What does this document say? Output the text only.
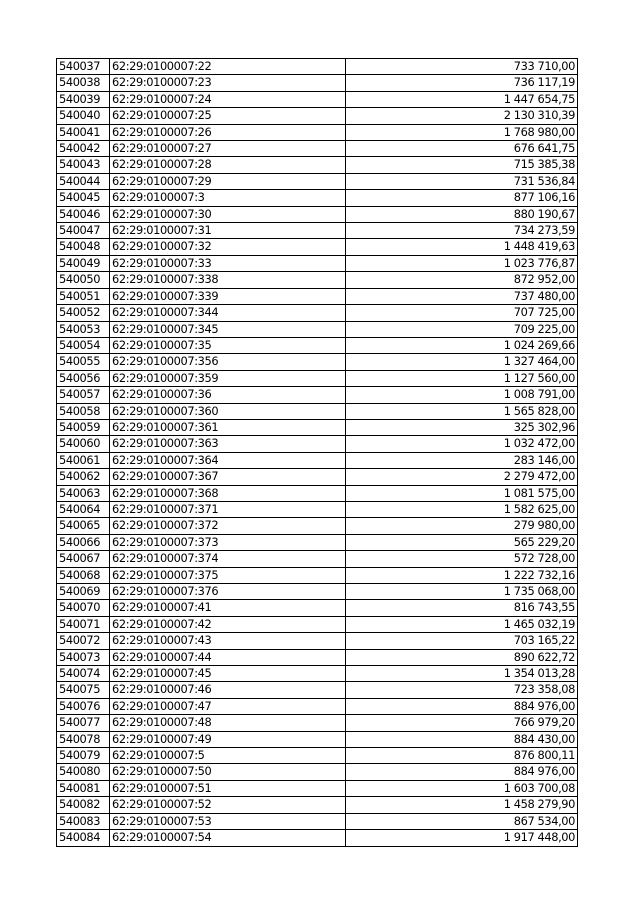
540037	62:29:0100007:22	733 710,00
540038	62:29:0100007:23	736 117,19
540039	62:29:0100007:24	1 447 654,75
540040	62:29:0100007:25	2 130 310,39
540041	62:29:0100007:26	1 768 980,00
540042	62:29:0100007:27	676 641,75
540043	62:29:0100007:28	715 385,38
540044	62:29:0100007:29	731 536,84
540045	62:29:0100007:3	877 106,16
540046	62:29:0100007:30	880 190,67
540047	62:29:0100007:31	734 273,59
540048	62:29:0100007:32	1 448 419,63
540049	62:29:0100007:33	1 023 776,87
540050	62:29:0100007:338	872 952,00
540051	62:29:0100007:339	737 480,00
540052	62:29:0100007:344	707 725,00
540053	62:29:0100007:345	709 225,00
540054	62:29:0100007:35	1 024 269,66
540055	62:29:0100007:356	1 327 464,00
540056	62:29:0100007:359	1 127 560,00
540057	62:29:0100007:36	1 008 791,00
540058	62:29:0100007:360	1 565 828,00
540059	62:29:0100007:361	325 302,96
540060	62:29:0100007:363	1 032 472,00
540061	62:29:0100007:364	283 146,00
540062	62:29:0100007:367	2 279 472,00
540063	62:29:0100007:368	1 081 575,00
540064	62:29:0100007:371	1 582 625,00
540065	62:29:0100007:372	279 980,00
540066	62:29:0100007:373	565 229,20
540067	62:29:0100007:374	572 728,00
540068	62:29:0100007:375	1 222 732,16
540069	62:29:0100007:376	1 735 068,00
540070	62:29:0100007:41	816 743,55
540071	62:29:0100007:42	1 465 032,19
540072	62:29:0100007:43	703 165,22
540073	62:29:0100007:44	890 622,72
540074	62:29:0100007:45	1 354 013,28
540075	62:29:0100007:46	723 358,08
540076	62:29:0100007:47	884 976,00
540077	62:29:0100007:48	766 979,20
540078	62:29:0100007:49	884 430,00
540079	62:29:0100007:5	876 800,11
540080	62:29:0100007:50	884 976,00
540081	62:29:0100007:51	1 603 700,08
540082	62:29:0100007:52	1 458 279,90
540083	62:29:0100007:53	867 534,00
540084	62:29:0100007:54	1 917 448,00
